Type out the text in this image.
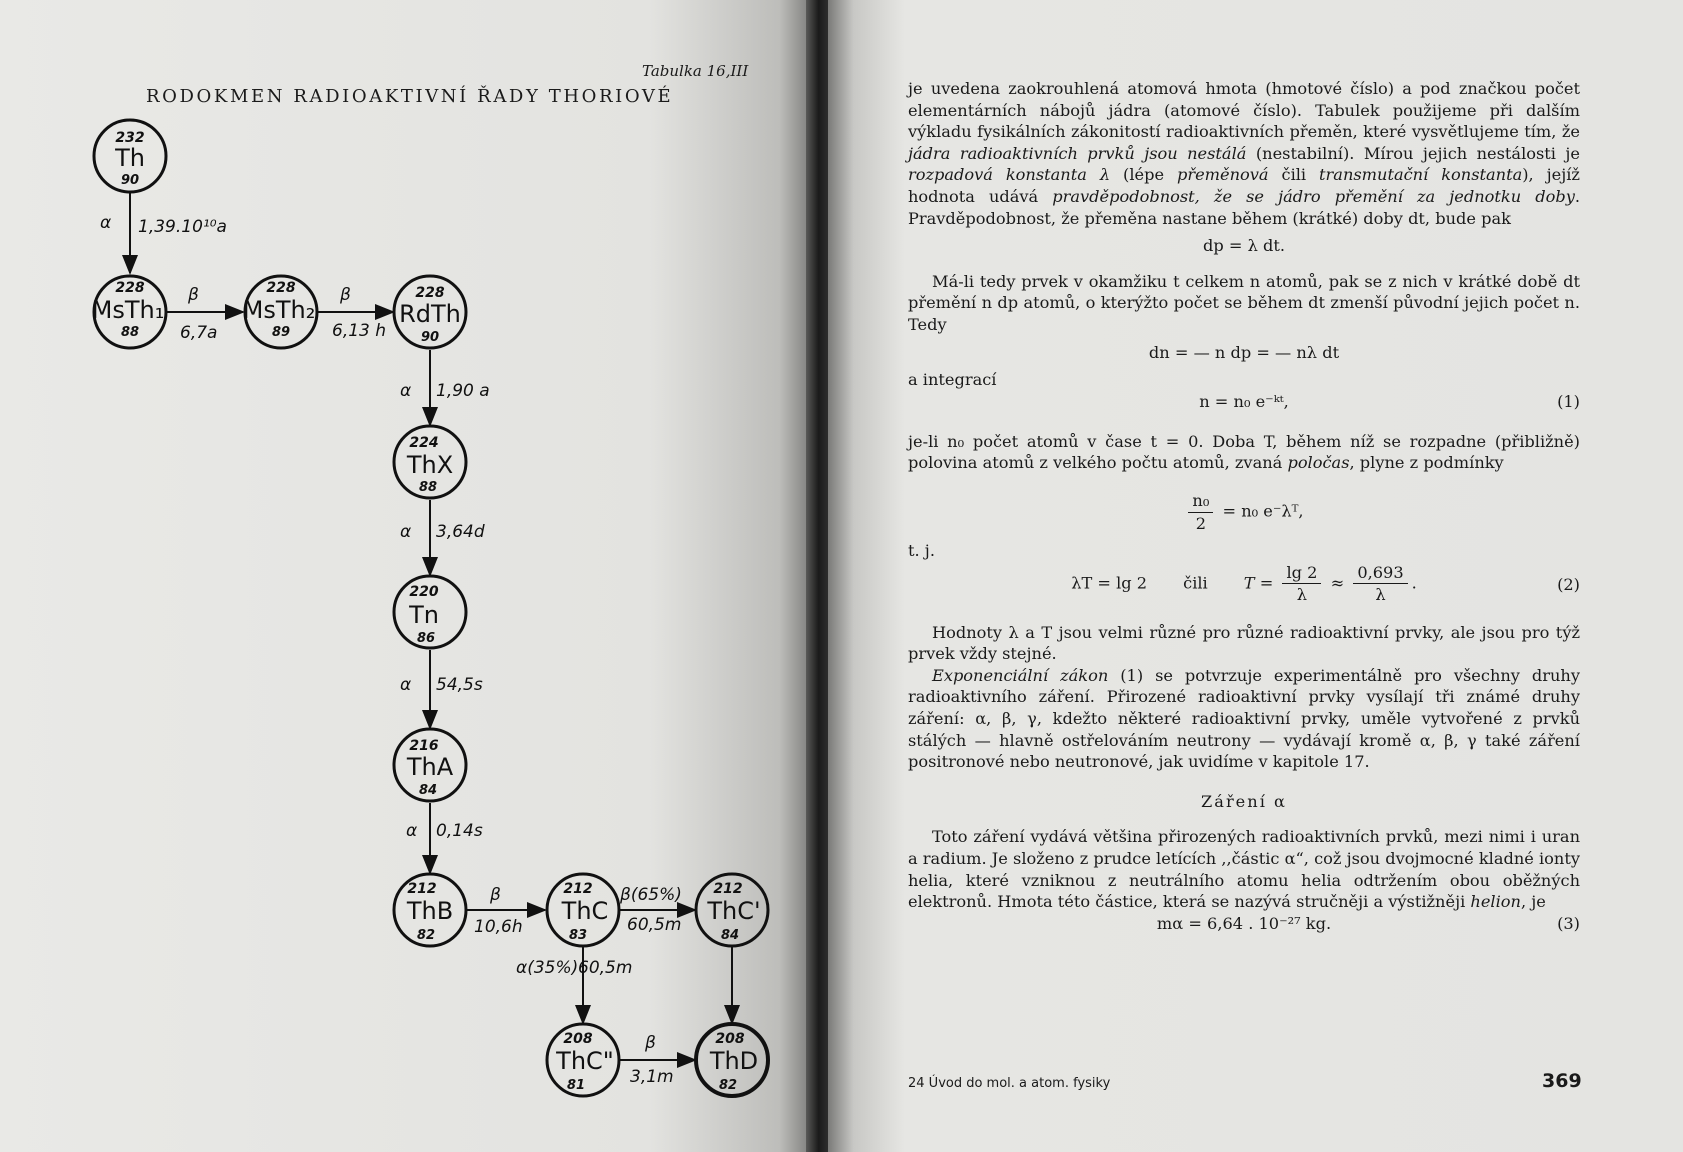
Tabulka 16,III
RODOKMEN RADIOAKTIVNÍ ŘADY THORIOVÉ
α 1,39.10¹⁰a
β
6,7a
β
6,13 h
α 1,90 a
α 3,64d
α 54,5s
α 0,14s
β
10,6h
β(65%)
60,5m
α(35%) 60,5m
β
3,1m
232
Th
90
228
MsTh₁
88
228
MsTh₂
89
228
RdTh
90
224
ThX
88
220
Tn
86
216
ThA
84
212
ThB
82
212
ThC
83
212
ThC'
84
208
ThC"
81
208
ThD
82

je uvedena zaokrouhlená atomová hmota (hmotové číslo) a pod značkou počet elementárních nábojů jádra (atomové číslo). Tabulek použijeme při dalším výkladu fysikálních zákonitostí radioaktivních přeměn, které vysvětlujeme tím, že jádra radioaktivních prvků jsou nestálá (nestabilní). Mírou jejich nestálosti je rozpadová konstanta λ (lépe přeměnová čili transmutační konstanta), jejíž hodnota udává pravděpodobnost, že se jádro přemění za jednotku doby. Pravděpodobnost, že přeměna nastane během (krátké) doby dt, bude pak

dp = λ dt.

Má-li tedy prvek v okamžiku t celkem n atomů, pak se z nich v krátké době dt přemění n dp atomů, o kterýžto počet se během dt zmenší původní jejich počet n. Tedy

dn = — n dp = — nλ dt

a integrací

n = n₀ e⁻ᵏᵗ,	(1)

je-li n₀ počet atomů v čase t = 0. Doba T, během níž se rozpadne (přibližně) polovina atomů z velkého počtu atomů, zvaná poločas, plyne z podmínky

$\frac{\text{n₀}}{2} = n_0$ e⁻λᵀ,

t. j.

λT = lg 2 čili $T = \frac{\lg 2}{\lambda} \approx \frac{0,693}{\lambda}$ .	(2)

Hodnoty λ a T jsou velmi různé pro různé radioaktivní prvky, ale jsou pro týž prvek vždy stejné.

Exponenciální zákon (1) se potvrzuje experimentálně pro všechny druhy radioaktivního záření. Přirozené radioaktivní prvky vysílají tři známé druhy záření: α, β, γ, kdežto některé radioaktivní prvky, uměle vytvořené z prvků stálých — hlavně ostřelováním neutrony — vydávají kromě α, β, γ také záření positronové nebo neutronové, jak uvidíme v kapitole 17.

Záření α

Toto záření vydává většina přirozených radioaktivních prvků, mezi nimi i uran a radium. Je složeno z prudce letících ,,částic α“, což jsou dvojmocné kladné ionty helia, které vzniknou z neutrálního atomu helia odtržením obou oběžných elektronů. Hmota této částice, která se nazývá stručněji a výstižněji helion, je

mα = 6,64 . 10⁻²⁷ kg.	(3)
24 Úvod do mol. a atom. fysiky	369
